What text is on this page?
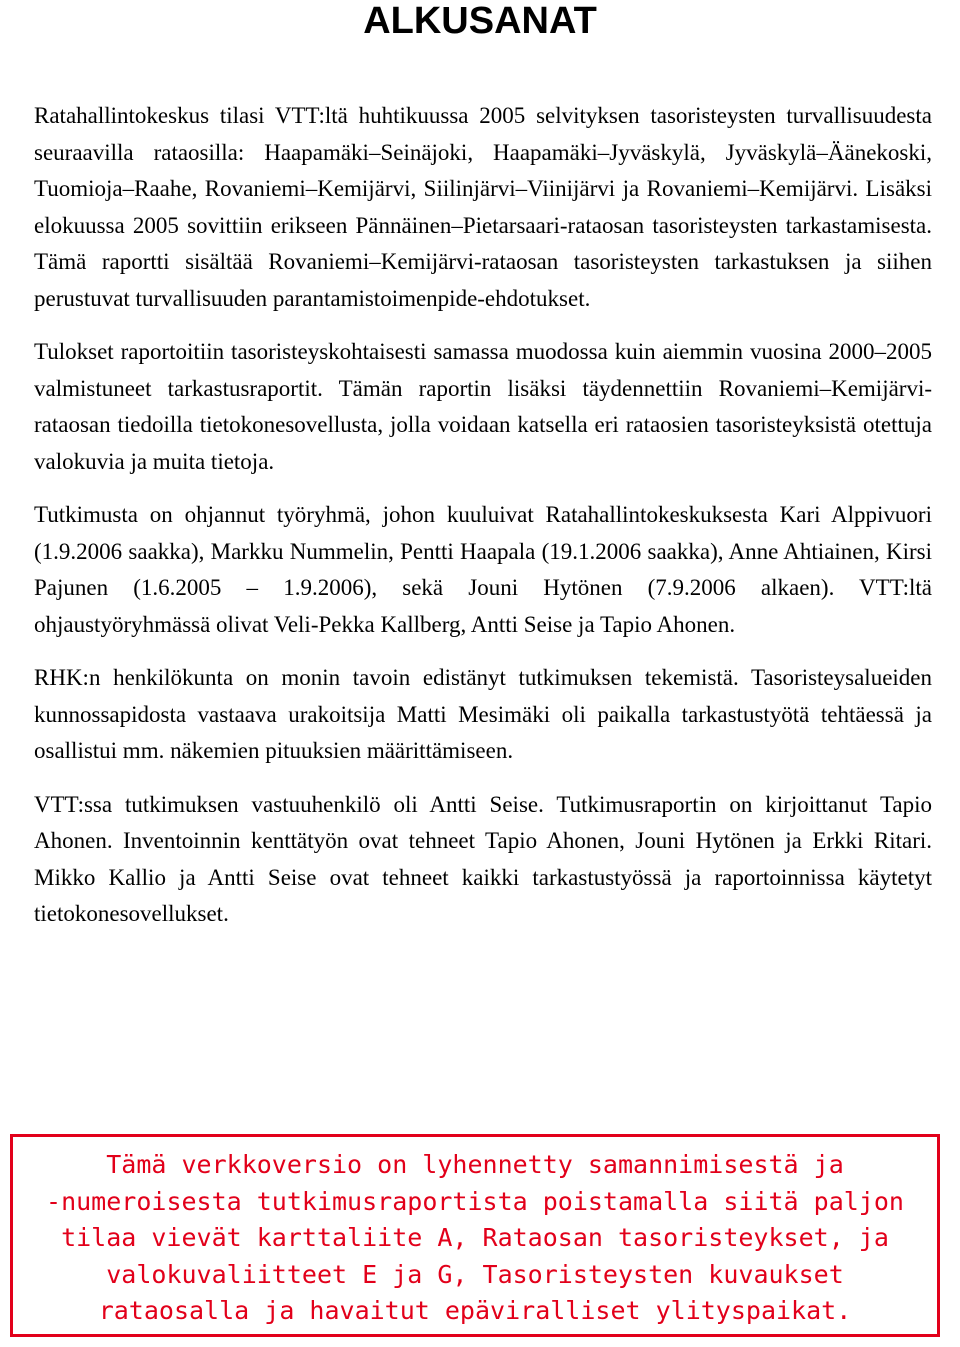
ALKUSANAT

Ratahallintokeskus tilasi VTT:ltä huhtikuussa 2005 selvityksen tasoristeysten turvallisuudesta seuraavilla rataosilla: Haapamäki–Seinäjoki, Haapamäki–Jyväskylä, Jyväskylä–Äänekoski, Tuomioja–Raahe, Rovaniemi–Kemijärvi, Siilinjärvi–Viinijärvi ja Rovaniemi–Kemijärvi. Lisäksi elokuussa 2005 sovittiin erikseen Pännäinen–Pietarsaari-rataosan tasoristeysten tarkastamisesta. Tämä raportti sisältää Rovaniemi–Kemijärvi-rataosan tasoristeysten tarkastuksen ja siihen perustuvat turvallisuuden parantamistoimenpide-ehdotukset.

Tulokset raportoitiin tasoristeyskohtaisesti samassa muodossa kuin aiemmin vuosina 2000–2005 valmistuneet tarkastusraportit. Tämän raportin lisäksi täydennettiin Rovaniemi–Kemijärvi-rataosan tiedoilla tietokonesovellusta, jolla voidaan katsella eri rataosien tasoristeyksistä otettuja valokuvia ja muita tietoja.

Tutkimusta on ohjannut työryhmä, johon kuuluivat Ratahallintokeskuksesta Kari Alppivuori (1.9.2006 saakka), Markku Nummelin, Pentti Haapala (19.1.2006 saakka), Anne Ahtiainen, Kirsi Pajunen (1.6.2005 – 1.9.2006), sekä Jouni Hytönen (7.9.2006 alkaen). VTT:ltä ohjaustyöryhmässä olivat Veli-Pekka Kallberg, Antti Seise ja Tapio Ahonen.

RHK:n henkilökunta on monin tavoin edistänyt tutkimuksen tekemistä. Tasoristeysalueiden kunnossapidosta vastaava urakoitsija Matti Mesimäki oli paikalla tarkastustyötä tehtäessä ja osallistui mm. näkemien pituuksien määrittämiseen.

VTT:ssa tutkimuksen vastuuhenkilö oli Antti Seise. Tutkimusraportin on kirjoittanut Tapio Ahonen. Inventoinnin kenttätyön ovat tehneet Tapio Ahonen, Jouni Hytönen ja Erkki Ritari. Mikko Kallio ja Antti Seise ovat tehneet kaikki tarkastustyössä ja raportoinnissa käytetyt tietokonesovellukset.

Tämä verkkoversio on lyhennetty samannimisestä ja
-numeroisesta tutkimusraportista poistamalla siitä paljon
tilaa vievät karttaliite A, Rataosan tasoristeykset, ja valokuvaliitteet E ja G, Tasoristeysten kuvaukset rataosalla ja havaitut epäviralliset ylityspaikat.
